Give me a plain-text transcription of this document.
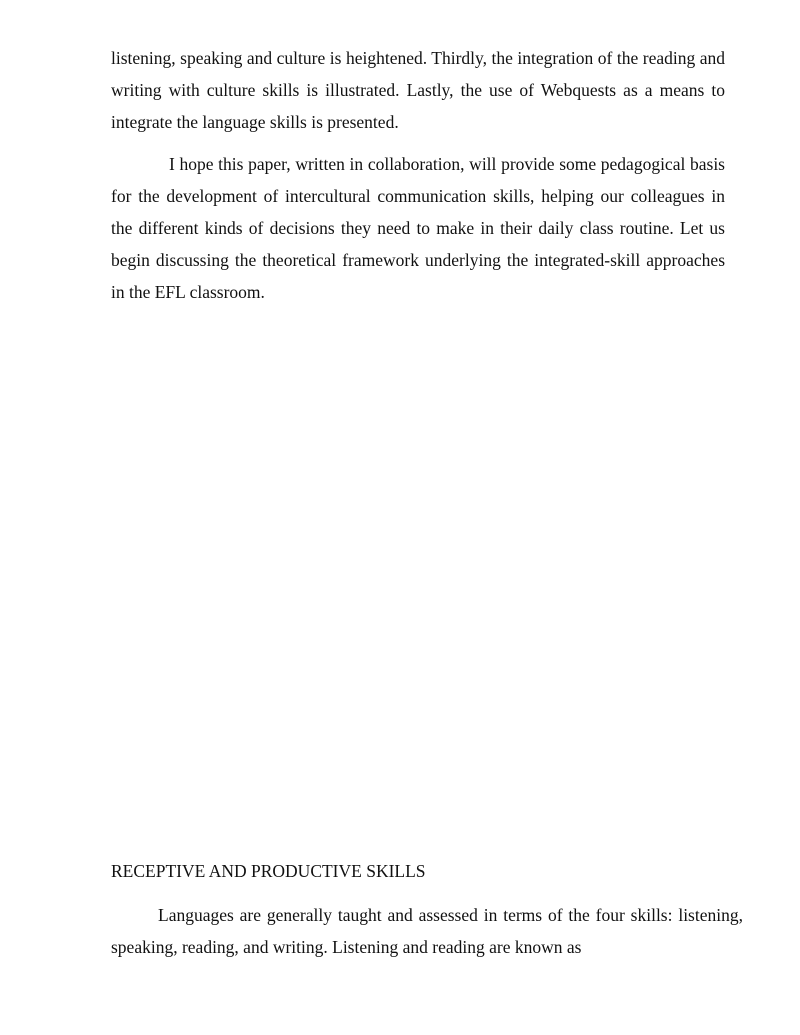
listening, speaking and culture is heightened. Thirdly, the integration of the reading and writing with culture skills is illustrated. Lastly, the use of Webquests as a means to integrate the language skills is presented.

I hope this paper, written in collaboration, will provide some pedagogical basis for the development of intercultural communication skills, helping our colleagues in the different kinds of decisions they need to make in their daily class routine. Let us begin discussing the theoretical framework underlying the integrated-skill approaches in the EFL classroom.

RECEPTIVE AND PRODUCTIVE SKILLS

Languages are generally taught and assessed in terms of the four skills: listening, speaking, reading, and writing. Listening and reading are known as
